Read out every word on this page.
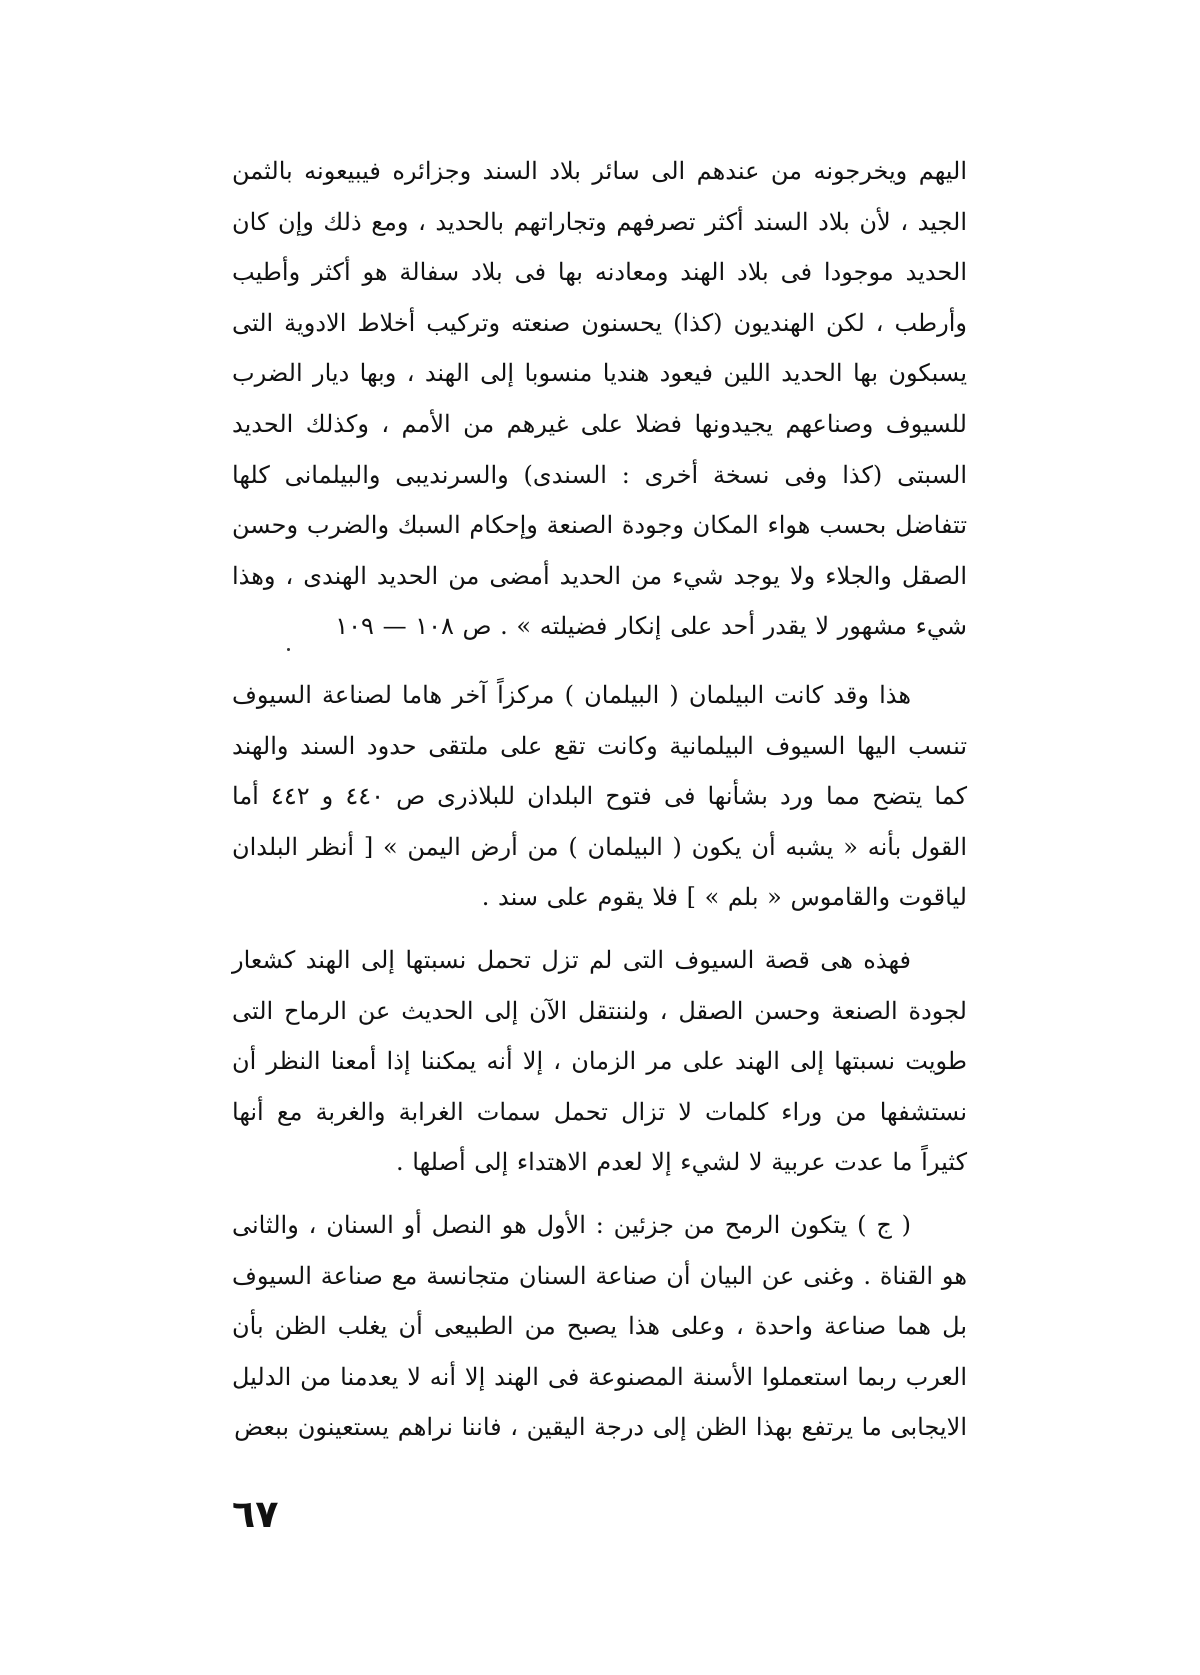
اليهم ويخرجونه من عندهم الى سائر بلاد السند وجزائره فيبيعونه بالثمن الجيد ، لأن بلاد السند أكثر تصرفهم وتجاراتهم بالحديد ، ومع ذلك وإن كان الحديد موجودا فى بلاد الهند ومعادنه بها فى بلاد سفالة هو أكثر وأطيب وأرطب ، لكن الهنديون (كذا) يحسنون صنعته وتركيب أخلاط الادوية التى يسبكون بها الحديد اللين فيعود هنديا منسوبا إلى الهند ، وبها ديار الضرب للسيوف وصناعهم يجيدونها فضلا على غيرهم من الأمم ، وكذلك الحديد السبتى (كذا وفى نسخة أخرى : السندى) والسرنديبى والبيلمانى كلها تتفاضل بحسب هواء المكان وجودة الصنعة وإحكام السبك والضرب وحسن الصقل والجلاء ولا يوجد شيء من الحديد أمضى من الحديد الهندى ، وهذا شيء مشهور لا يقدر أحد على إنكار فضيلته » . ص ١٠٨ — ١٠٩

هذا وقد كانت البيلمان ( البيلمان ) مركزاً آخر هاما لصناعة السيوف تنسب اليها السيوف البيلمانية وكانت تقع على ملتقى حدود السند والهند كما يتضح مما ورد بشأنها فى فتوح البلدان للبلاذرى ص ٤٤٠ و ٤٤٢ أما القول بأنه « يشبه أن يكون ( البيلمان ) من أرض اليمن » [ أنظر البلدان لياقوت والقاموس « بلم » ] فلا يقوم على سند .

فهذه هى قصة السيوف التى لم تزل تحمل نسبتها إلى الهند كشعار لجودة الصنعة وحسن الصقل ، ولننتقل الآن إلى الحديث عن الرماح التى طويت نسبتها إلى الهند على مر الزمان ، إلا أنه يمكننا إذا أمعنا النظر أن نستشفها من وراء كلمات لا تزال تحمل سمات الغرابة والغربة مع أنها كثيراً ما عدت عربية لا لشيء إلا لعدم الاهتداء إلى أصلها .

( ج ) يتكون الرمح من جزئين : الأول هو النصل أو السنان ، والثانى هو القناة . وغنى عن البيان أن صناعة السنان متجانسة مع صناعة السيوف بل هما صناعة واحدة ، وعلى هذا يصبح من الطبيعى أن يغلب الظن بأن العرب ربما استعملوا الأسنة المصنوعة فى الهند إلا أنه لا يعدمنا من الدليل الايجابى ما يرتفع بهذا الظن إلى درجة اليقين ، فاننا نراهم يستعينون ببعض

٦٧
